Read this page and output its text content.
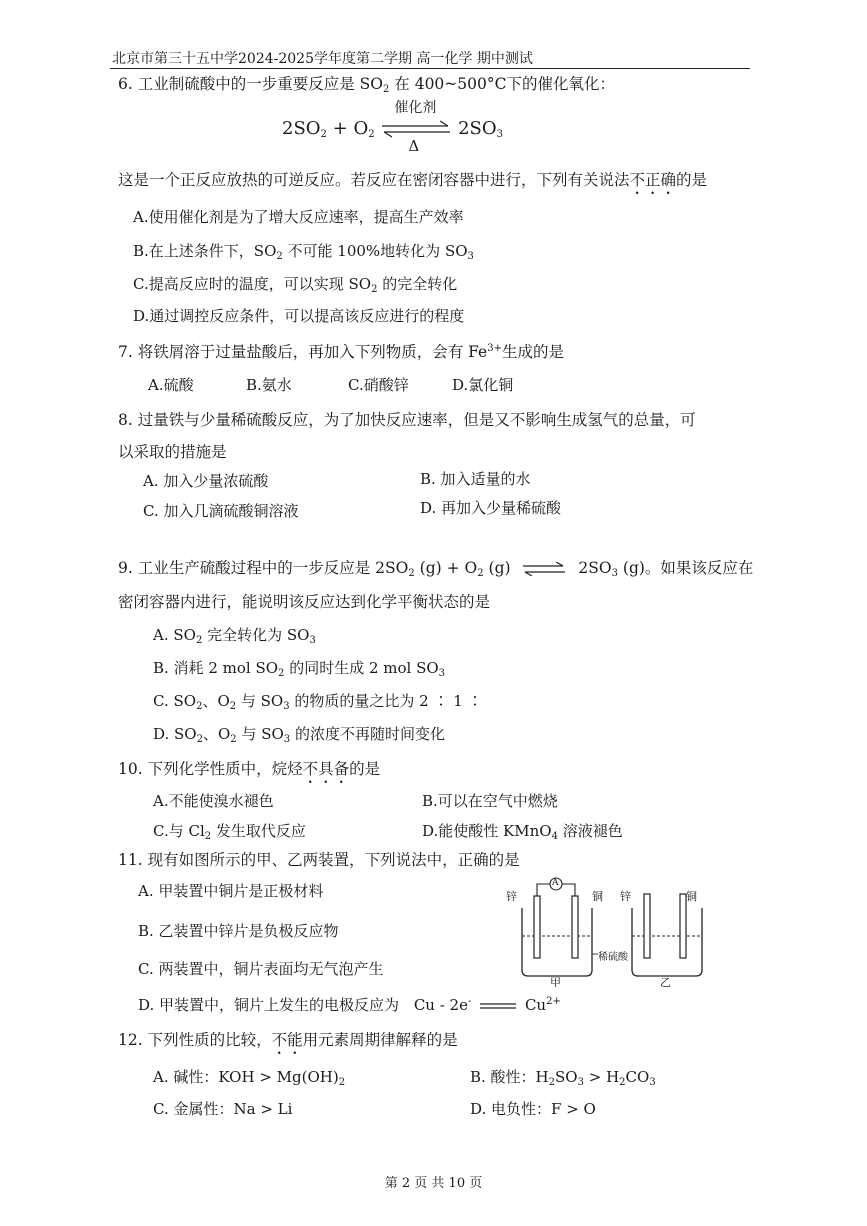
北京市第三十五中学2024-2025学年度第二学期 高一化学 期中测试
6. 工业制硫酸中的一步重要反应是 $SO_2$ 在 400~500°C下的催化氧化：
$2SO_2 + O_2$
催化剂
Δ
$2SO_3$
这是一个正反应放热的可逆反应。若反应在密闭容器中进行，下列有关说法不正确的是
A.使用催化剂是为了增大反应速率，提高生产效率
B.在上述条件下，$SO_2$ 不可能 100%地转化为 $SO_3$
C.提高反应时的温度，可以实现 $SO_2$ 的完全转化
D.通过调控反应条件，可以提高该反应进行的程度
7. 将铁屑溶于过量盐酸后，再加入下列物质，会有 $Fe^{3+}$生成的是
A.硫酸	B.氨水	C.硝酸锌	D.氯化铜
8. 过量铁与少量稀硫酸反应，为了加快反应速率，但是又不影响生成氢气的总量，可
以采取的措施是
A. 加入少量浓硫酸	B. 加入适量的水
C. 加入几滴硫酸铜溶液	D. 再加入少量稀硫酸
9. 工业生产硫酸过程中的一步反应是 $2SO_2$ $(g) + O_2$ (g) ⇌ $2SO_3$ (g)。如果该反应在
密闭容器内进行，能说明该反应达到化学平衡状态的是
A. $SO_2$ 完全转化为 $SO_3$
B. 消耗 2 mol $SO_2$ 的同时生成 2 mol $SO_3$
C. $SO_2$、$O_2$ 与 $SO_3$ 的物质的量之比为 2 ∶ 1 ∶
D. $SO_2$、$O_2$ 与 $SO_3$ 的浓度不再随时间变化
10. 下列化学性质中，烷烃不具备的是
A.不能使溴水褪色	B.可以在空气中燃烧
C.与 $Cl_2$ 发生取代反应	D.能使酸性 KMnO$_4$ 溶液褪色
11. 现有如图所示的甲、乙两装置，下列说法中，正确的是
A. 甲装置中铜片是正极材料
B. 乙装置中锌片是负极反应物
C. 两装置中，铜片表面均无气泡产生
D. 甲装置中，铜片上发生的电极反应为 Cu - 2e-	$Cu^{2+}$
锌	铜
A
锌	铜
稀硫酸
甲	乙
12. 下列性质的比较，不能用元素周期律解释的是
A. 碱性：KOH > $Mg(OH)_2$	B. 酸性：$H_2SO_3 > H_2CO_3$
C. 金属性：Na > Li	D. 电负性：F > O
第 2 页 共 10 页
